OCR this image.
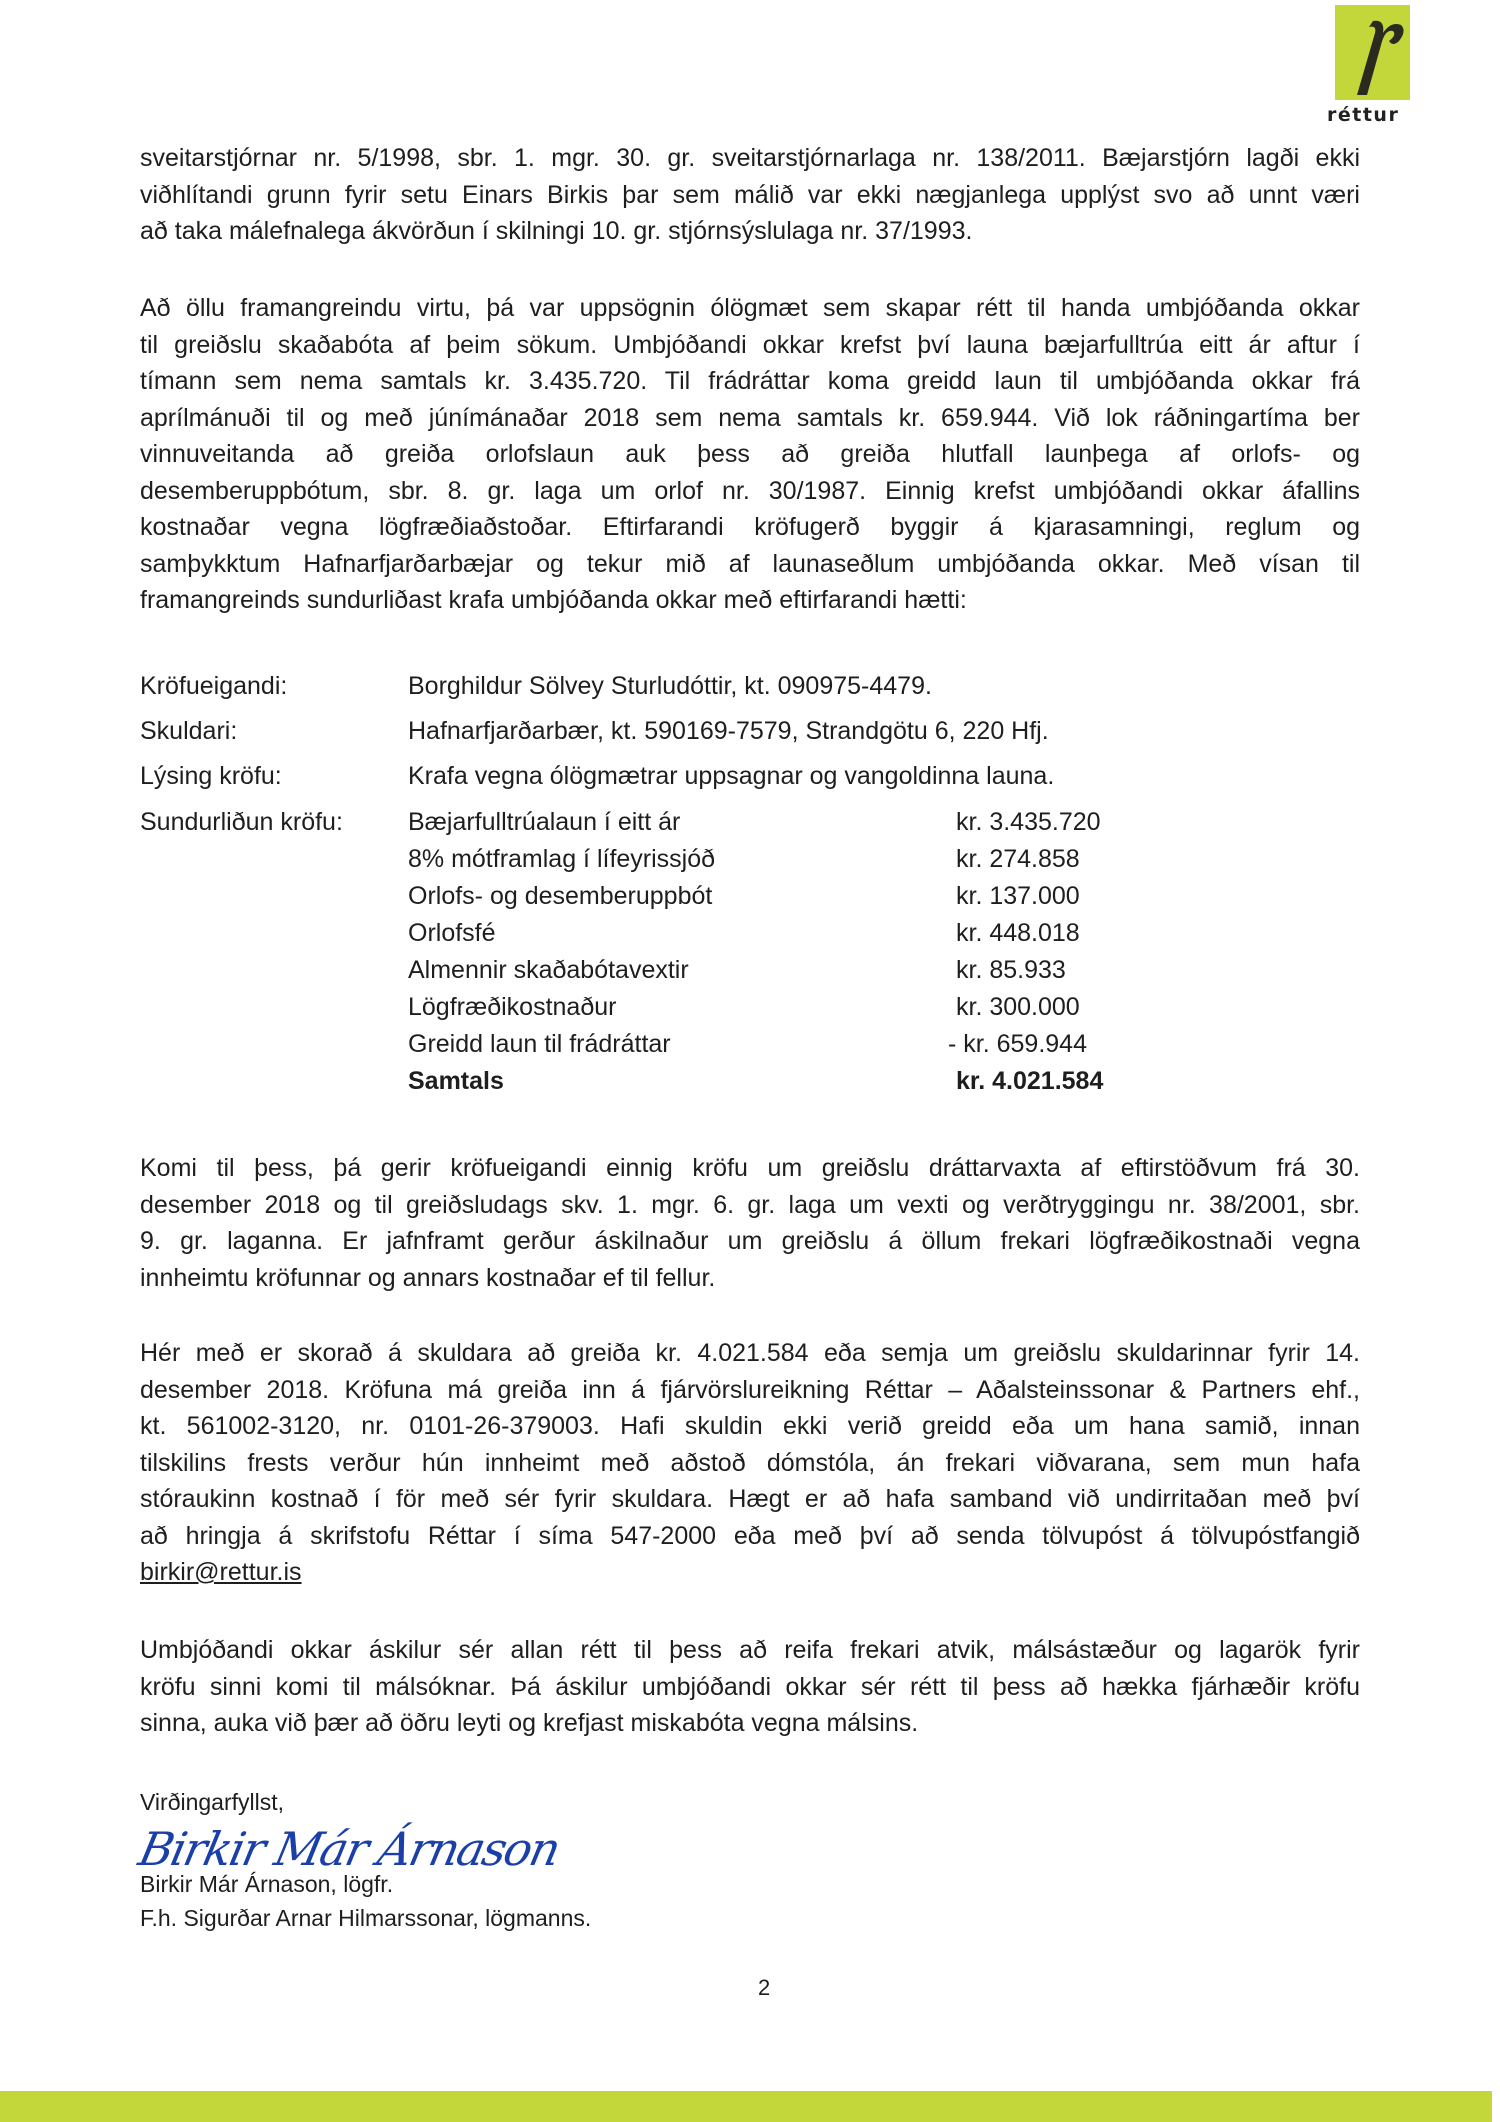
réttur

sveitarstjórnar nr. 5/1998, sbr. 1. mgr. 30. gr. sveitarstjórnarlaga nr. 138/2011. Bæjarstjórn lagði ekki
viðhlítandi grunn fyrir setu Einars Birkis þar sem málið var ekki nægjanlega upplýst svo að unnt væri
að taka málefnalega ákvörðun í skilningi 10. gr. stjórnsýslulaga nr. 37/1993.

Að öllu framangreindu virtu, þá var uppsögnin ólögmæt sem skapar rétt til handa umbjóðanda okkar
til greiðslu skaðabóta af þeim sökum. Umbjóðandi okkar krefst því launa bæjarfulltrúa eitt ár aftur í
tímann sem nema samtals kr. 3.435.720. Til frádráttar koma greidd laun til umbjóðanda okkar frá
aprílmánuði til og með júnímánaðar 2018 sem nema samtals kr. 659.944. Við lok ráðningartíma ber
vinnuveitanda að greiða orlofslaun auk þess að greiða hlutfall launþega af orlofs- og
desemberuppbótum, sbr. 8. gr. laga um orlof nr. 30/1987. Einnig krefst umbjóðandi okkar áfallins
kostnaðar vegna lögfræðiaðstoðar. Eftirfarandi kröfugerð byggir á kjarasamningi, reglum og
samþykktum Hafnarfjarðarbæjar og tekur mið af launaseðlum umbjóðanda okkar. Með vísan til
framangreinds sundurliðast krafa umbjóðanda okkar með eftirfarandi hætti:

Kröfueigandi:	Borghildur Sölvey Sturludóttir, kt. 090975-4479.
Skuldari:	Hafnarfjarðarbær, kt. 590169-7579, Strandgötu 6, 220 Hfj.
Lýsing kröfu:	Krafa vegna ólögmætrar uppsagnar og vangoldinna launa.
Sundurliðun kröfu:	Bæjarfulltrúalaun í eitt ár	kr. 3.435.720
8% mótframlag í lífeyrissjóð	kr. 274.858
Orlofs- og desemberuppbót	kr. 137.000
Orlofsfé	kr. 448.018
Almennir skaðabótavextir	kr. 85.933
Lögfræðikostnaður	kr. 300.000
Greidd laun til frádráttar	- kr. 659.944
Samtals	kr. 4.021.584

Komi til þess, þá gerir kröfueigandi einnig kröfu um greiðslu dráttarvaxta af eftirstöðvum frá 30.
desember 2018 og til greiðsludags skv. 1. mgr. 6. gr. laga um vexti og verðtryggingu nr. 38/2001, sbr.
9. gr. laganna. Er jafnframt gerður áskilnaður um greiðslu á öllum frekari lögfræðikostnaði vegna
innheimtu kröfunnar og annars kostnaðar ef til fellur.

Hér með er skorað á skuldara að greiða kr. 4.021.584 eða semja um greiðslu skuldarinnar fyrir 14.
desember 2018. Kröfuna má greiða inn á fjárvörslureikning Réttar – Aðalsteinssonar & Partners ehf.,
kt. 561002-3120, nr. 0101-26-379003. Hafi skuldin ekki verið greidd eða um hana samið, innan
tilskilins frests verður hún innheimt með aðstoð dómstóla, án frekari viðvarana, sem mun hafa
stóraukinn kostnað í för með sér fyrir skuldara. Hægt er að hafa samband við undirritaðan með því
að hringja á skrifstofu Réttar í síma 547-2000 eða með því að senda tölvupóst á tölvupóstfangið
birkir@rettur.is

Umbjóðandi okkar áskilur sér allan rétt til þess að reifa frekari atvik, málsástæður og lagarök fyrir
kröfu sinni komi til málsóknar. Þá áskilur umbjóðandi okkar sér rétt til þess að hækka fjárhæðir kröfu
sinna, auka við þær að öðru leyti og krefjast miskabóta vegna málsins.

Virðingarfyllst,
Birkir Már Árnason, lögfr.
F.h. Sigurðar Arnar Hilmarssonar, lögmanns.
Birkir Már Árnason
2
